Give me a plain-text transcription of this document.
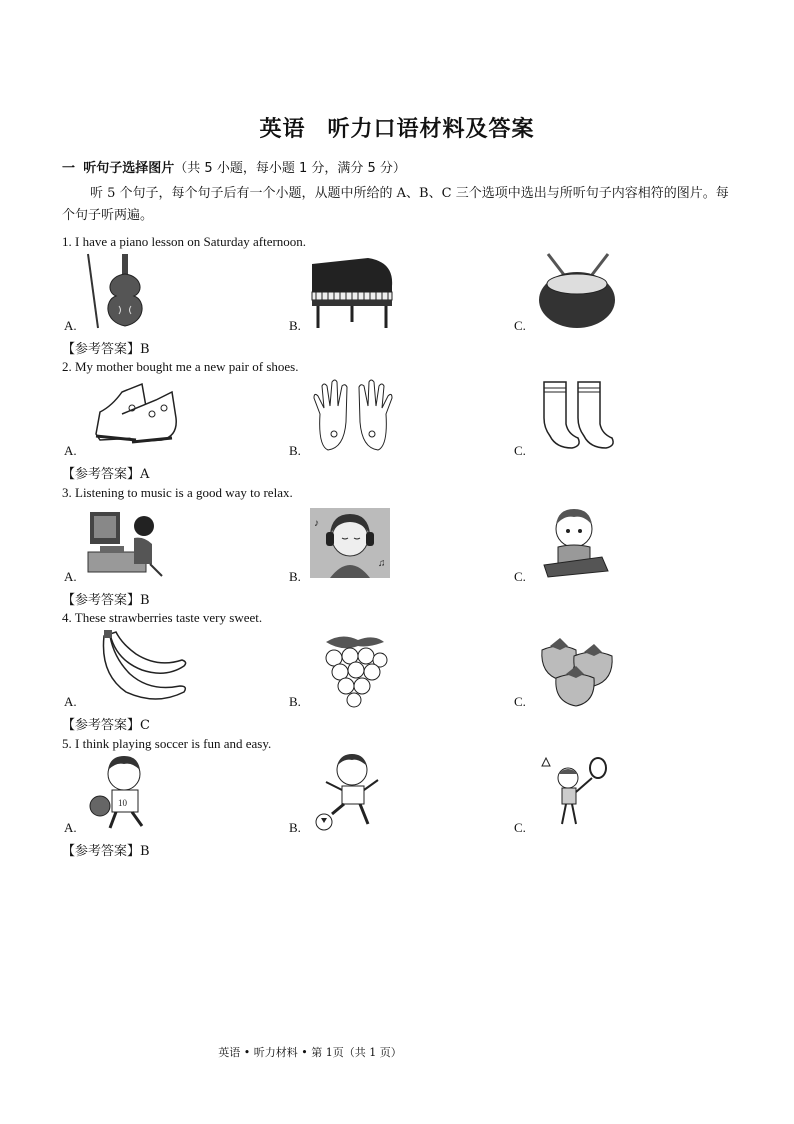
英语 听力口语材料及答案
一 听句子选择图片（共 5 小题，每小题 1 分，满分 5 分）
听 5 个句子，每个句子后有一个小题，从题中所给的 A、B、C 三个选项中选出与所听句子内容相符的图片。每个句子听两遍。
1. I have a piano lesson on Saturday afternoon.
A.	B.	C.
【参考答案】B
2. My mother bought me a new pair of shoes.
A.	B.	C.
【参考答案】A
3. Listening to music is a good way to relax.
A.	B.	C.
♪
♫
【参考答案】B
4. These strawberries taste very sweet.
A.	B.	C.
【参考答案】C
5. I think playing soccer is fun and easy.
A.	B.	C.
10
【参考答案】B
英语 • 听力材料 • 第 1页（共 1 页）
